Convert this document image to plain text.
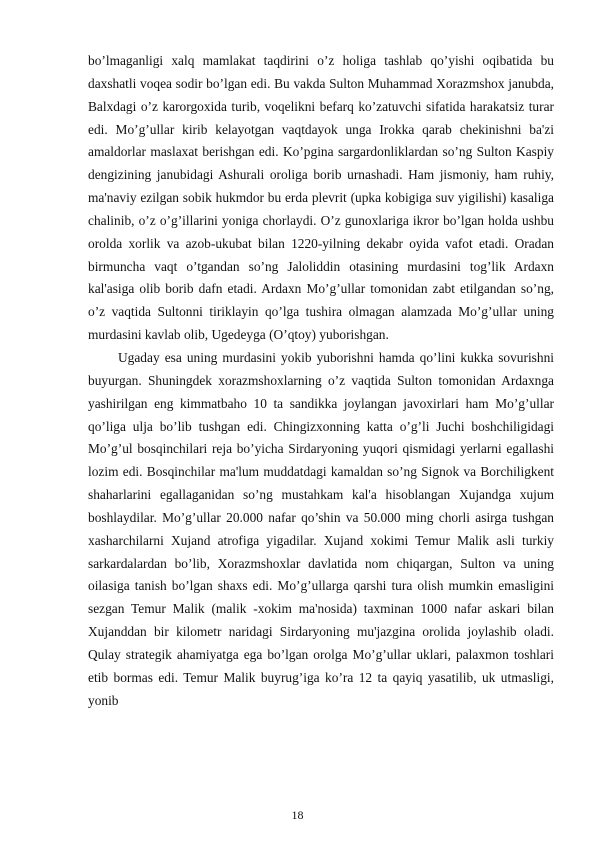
bo’lmaganligi xalq mamlakat taqdirini o’z holiga tashlab qo’yishi oqibatida bu daxshatli voqea sodir bo’lgan edi. Bu vakda Sulton Muhammad Xorazmshox janubda, Balxdagi o’z karorgoxida turib, voqelikni befarq ko’zatuvchi sifatida harakatsiz turar edi. Mo’g’ullar kirib kelayotgan vaqtdayok unga Irokka qarab chekinishni ba'zi amaldorlar maslaxat berishgan edi. Ko’pgina sargardonliklardan so’ng Sulton Kaspiy dengizining janubidagi Ashurali oroliga borib urnashadi. Ham jismoniy, ham ruhiy, ma'naviy ezilgan sobik hukmdor bu erda plevrit (upka kobigiga suv yigilishi) kasaliga chalinib, o’z o’g’illarini yoniga chorlaydi. O’z gunoxlariga ikror bo’lgan holda ushbu orolda xorlik va azob-ukubat bilan 1220-yilning dekabr oyida vafot etadi. Oradan birmuncha vaqt o’tgandan so’ng Jaloliddin otasining murdasini tog’lik Ardaxn kal'asiga olib borib dafn etadi. Ardaxn Mo’g’ullar tomonidan zabt etilgandan so’ng, o’z vaqtida Sultonni tiriklayin qo’lga tushira olmagan alamzada Mo’g’ullar uning murdasini kavlab olib, Ugedeyga (O’qtoy) yuborishgan.

Ugaday esa uning murdasini yokib yuborishni hamda qo’lini kukka sovurishni buyurgan. Shuningdek xorazmshoxlarning o’z vaqtida Sulton tomonidan Ardaxnga yashirilgan eng kimmatbaho 10 ta sandikka joylangan javoxirlari ham Mo’g’ullar qo’liga ulja bo’lib tushgan edi. Chingizxonning katta o’g’li Juchi boshchiligidagi Mo’g’ul bosqinchilari reja bo’yicha Sirdaryoning yuqori qismidagi yerlarni egallashi lozim edi. Bosqinchilar ma'lum muddatdagi kamaldan so’ng Signok va Borchiligkent shaharlarini egallaganidan so’ng mustahkam kal'a hisoblangan Xujandga xujum boshlaydilar. Mo’g’ullar 20.000 nafar qo’shin va 50.000 ming chorli asirga tushgan xasharchilarni Xujand atrofiga yigadilar. Xujand xokimi Temur Malik asli turkiy sarkardalardan bo’lib, Xorazmshoxlar davlatida nom chiqargan, Sulton va uning oilasiga tanish bo’lgan shaxs edi. Mo’g’ullarga qarshi tura olish mumkin emasligini sezgan Temur Malik (malik -xokim ma'nosida) taxminan 1000 nafar askari bilan Xujanddan bir kilometr naridagi Sirdaryoning mu'jazgina orolida joylashib oladi. Qulay strategik ahamiyatga ega bo’lgan orolga Mo’g’ullar uklari, palaxmon toshlari etib bormas edi. Temur Malik buyrug’iga ko’ra 12 ta qayiq yasatilib, uk utmasligi, yonib

18
